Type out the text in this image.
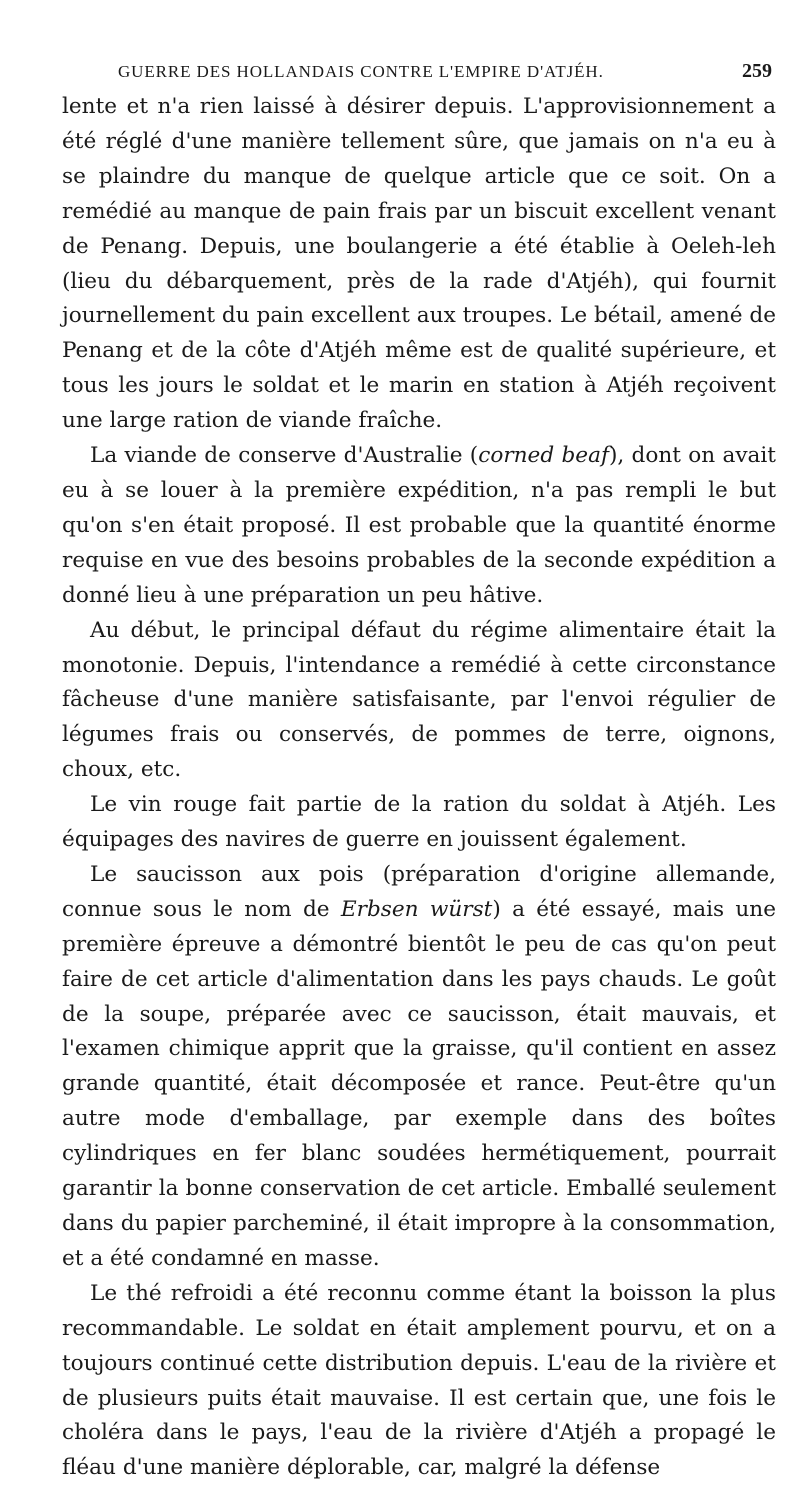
GUERRE DES HOLLANDAIS CONTRE L'EMPIRE D'ATJÉH.	259

lente et n'a rien laissé à désirer depuis. L'approvisionnement a été réglé d'une manière tellement sûre, que jamais on n'a eu à se plaindre du manque de quelque article que ce soit. On a remédié au manque de pain frais par un biscuit excellent venant de Penang. Depuis, une boulangerie a été établie à Oeleh-leh (lieu du débarquement, près de la rade d'Atjéh), qui fournit journellement du pain excellent aux troupes. Le bétail, amené de Penang et de la côte d'Atjéh même est de qualité supérieure, et tous les jours le soldat et le marin en station à Atjéh reçoivent une large ration de viande fraîche.

La viande de conserve d'Australie (corned beaf), dont on avait eu à se louer à la première expédition, n'a pas rempli le but qu'on s'en était proposé. Il est probable que la quantité énorme requise en vue des besoins probables de la seconde expédition a donné lieu à une préparation un peu hâtive.

Au début, le principal défaut du régime alimentaire était la monotonie. Depuis, l'intendance a remédié à cette circonstance fâcheuse d'une manière satisfaisante, par l'envoi régulier de légumes frais ou conservés, de pommes de terre, oignons, choux, etc.

Le vin rouge fait partie de la ration du soldat à Atjéh. Les équipages des navires de guerre en jouissent également.

Le saucisson aux pois (préparation d'origine allemande, connue sous le nom de Erbsen würst) a été essayé, mais une première épreuve a démontré bientôt le peu de cas qu'on peut faire de cet article d'alimentation dans les pays chauds. Le goût de la soupe, préparée avec ce saucisson, était mauvais, et l'examen chimique apprit que la graisse, qu'il contient en assez grande quantité, était décomposée et rance. Peut-être qu'un autre mode d'emballage, par exemple dans des boîtes cylindriques en fer blanc soudées hermétiquement, pourrait garantir la bonne conservation de cet article. Emballé seulement dans du papier parcheminé, il était impropre à la consommation, et a été condamné en masse.

Le thé refroidi a été reconnu comme étant la boisson la plus recommandable. Le soldat en était amplement pourvu, et on a toujours continué cette distribution depuis. L'eau de la rivière et de plusieurs puits était mauvaise. Il est certain que, une fois le choléra dans le pays, l'eau de la rivière d'Atjéh a propagé le fléau d'une manière déplorable, car, malgré la défense
